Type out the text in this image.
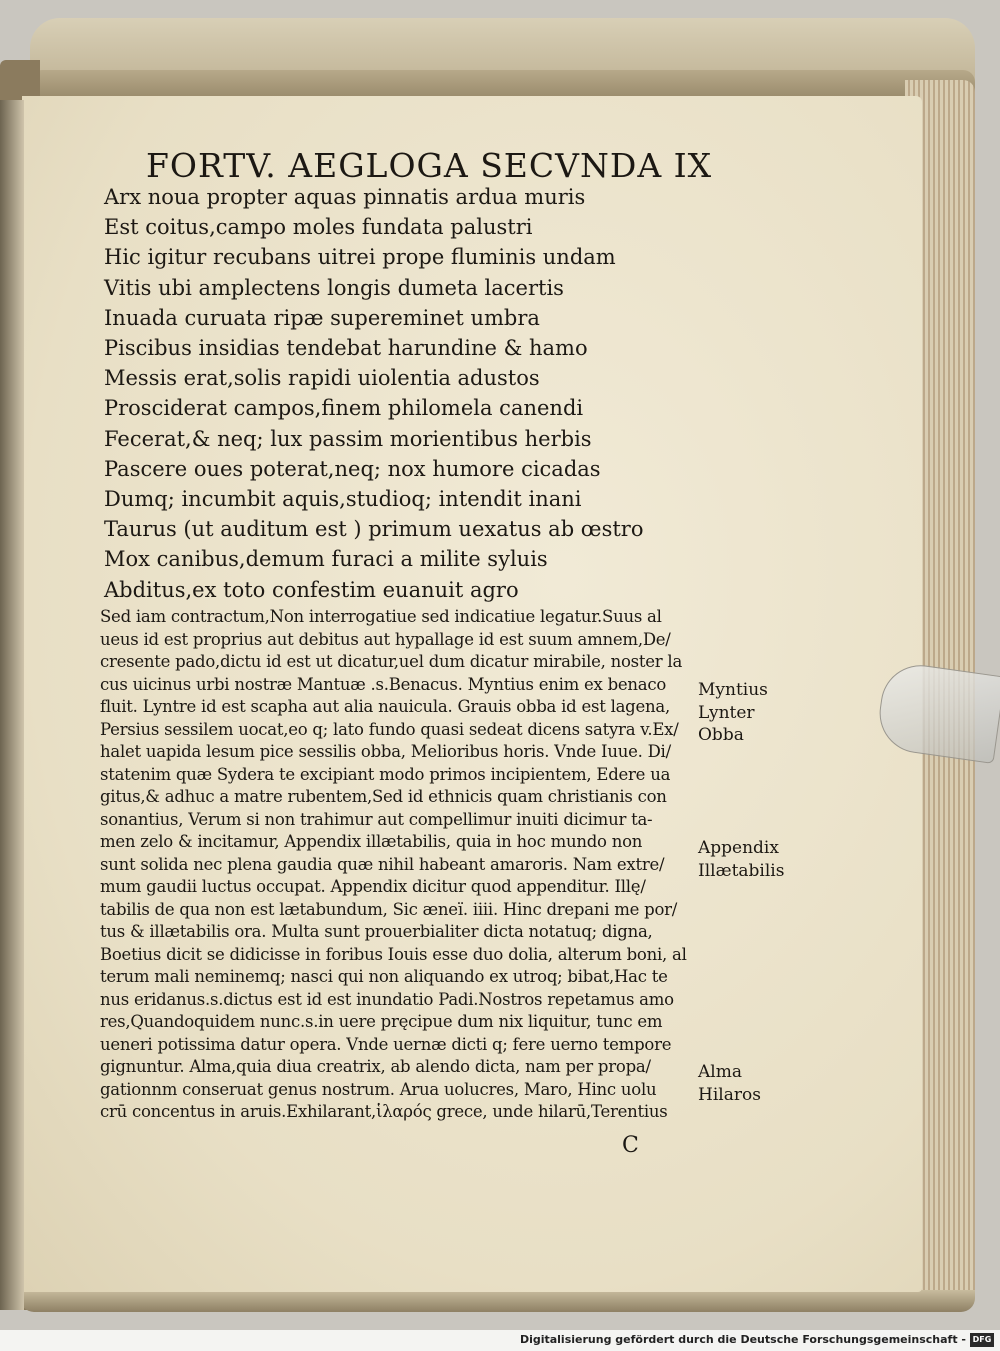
FORTV. AEGLOGA SECVNDA IX
Arx noua propter aquas pinnatis ardua muris
Est coitus,campo moles fundata palustri
Hic igitur recubans uitrei prope fluminis undam
Vitis ubi amplectens longis dumeta lacertis
Inuada curuata ripæ supereminet umbra
Piscibus insidias tendebat harundine & hamo
Messis erat,solis rapidi uiolentia adustos
Prosciderat campos,finem philomela canendi
Fecerat,& neq; lux passim morientibus herbis
Pascere oues poterat,neq; nox humore cicadas
Dumq; incumbit aquis,studioq; intendit inani
Taurus (ut auditum est ) primum uexatus ab œstro
Mox canibus,demum furaci a milite syluis
Abditus,ex toto confestim euanuit agro
Sed iam contractum,Non interrogatiue sed indicatiue legatur.Suus al
ueus id est proprius aut debitus aut hypallage id est suum amnem,De/
cresente pado,dictu id est ut dicatur,uel dum dicatur mirabile, noster la
cus uicinus urbi nostræ Mantuæ .s.Benacus. Myntius enim ex benaco
fluit. Lyntre id est scapha aut alia nauicula. Grauis obba id est lagena,
Persius sessilem uocat,eo q; lato fundo quasi sedeat dicens satyra v.Ex/
halet uapida lesum pice sessilis obba, Melioribus horis. Vnde Iuue. Di/
statenim quæ Sydera te excipiant modo primos incipientem, Edere ua
gitus,& adhuc a matre rubentem,Sed id ethnicis quam christianis con
sonantius, Verum si non trahimur aut compellimur inuiti dicimur ta-
men zelo & incitamur, Appendix illætabilis, quia in hoc mundo non
sunt solida nec plena gaudia quæ nihil habeant amaroris. Nam extre/
mum gaudii luctus occupat. Appendix dicitur quod appenditur. Illę/
tabilis de qua non est lætabundum, Sic æneï. iiii. Hinc drepani me por/
tus & illætabilis ora. Multa sunt prouerbialiter dicta notatuq; digna,
Boetius dicit se didicisse in foribus Iouis esse duo dolia, alterum boni, al
terum mali neminemq; nasci qui non aliquando ex utroq; bibat,Hac te
nus eridanus.s.dictus est id est inundatio Padi.Nostros repetamus amo
res,Quandoquidem nunc.s.in uere pręcipue dum nix liquitur, tunc em
ueneri potissima datur opera. Vnde uernæ dicti q; fere uerno tempore
gignuntur. Alma,quia diua creatrix, ab alendo dicta, nam per propa/
gationnm conseruat genus nostrum. Arua uolucres, Maro, Hinc uolu
crū concentus in aruis.Exhilarant,ἱλαρός grece, unde hilarū,Terentius
Myntius
Lynter
Obba
Appendix
Illætabilis
Alma
Hilaros
C
Digitalisierung gefördert durch die Deutsche Forschungsgemeinschaft - DFG
